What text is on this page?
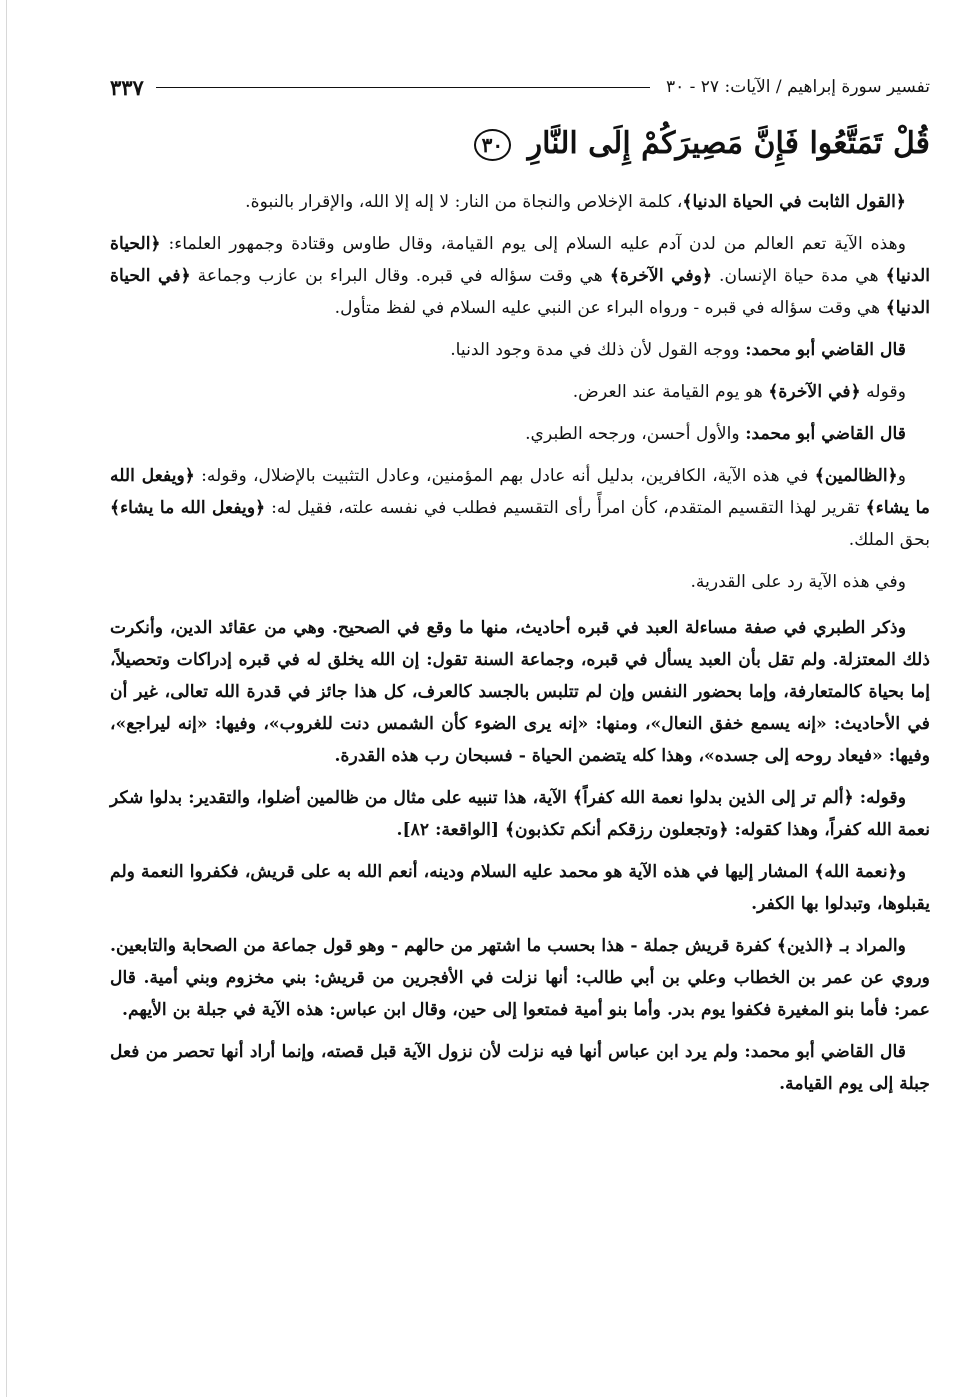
تفسير سورة إبراهيم / الآيات: ٢٧ - ٣٠
٣٣٧
قُلْ تَمَتَّعُوا فَإِنَّ مَصِيرَكُمْ إِلَى النَّارِ ٣٠

﴿القول الثابت في الحياة الدنيا﴾، كلمة الإخلاص والنجاة من النار: لا إله إلا الله، والإقرار بالنبوة.

وهذه الآية تعم العالم من لدن آدم عليه السلام إلى يوم القيامة، وقال طاوس وقتادة وجمهور العلماء: ﴿الحياة الدنيا﴾ هي مدة حياة الإنسان. ﴿وفي الآخرة﴾ هي وقت سؤاله في قبره. وقال البراء بن عازب وجماعة ﴿في الحياة الدنيا﴾ هي وقت سؤاله في قبره - ورواه البراء عن النبي عليه السلام في لفظ متأول.

قال القاضي أبو محمد: ووجه القول لأن ذلك في مدة وجود الدنيا.

وقوله ﴿في الآخرة﴾ هو يوم القيامة عند العرض.

قال القاضي أبو محمد: والأول أحسن، ورجحه الطبري.

و﴿الظالمين﴾ في هذه الآية، الكافرين، بدليل أنه عادل بهم المؤمنين، وعادل التثبيت بالإضلال، وقوله: ﴿ويفعل الله ما يشاء﴾ تقرير لهذا التقسيم المتقدم، كأن امرأً رأى التقسيم فطلب في نفسه علته، فقيل له: ﴿ويفعل الله ما يشاء﴾ بحق الملك.

وفي هذه الآية رد على القدرية.

وذكر الطبري في صفة مساءلة العبد في قبره أحاديث، منها ما وقع في الصحيح. وهي من عقائد الدين، وأنكرت ذلك المعتزلة. ولم تقل بأن العبد يسأل في قبره، وجماعة السنة تقول: إن الله يخلق له في قبره إدراكات وتحصيلاً، إما بحياة كالمتعارفة، وإما بحضور النفس وإن لم تتلبس بالجسد كالعرف، كل هذا جائز في قدرة الله تعالى، غير أن في الأحاديث: «إنه يسمع خفق النعال»، ومنها: «إنه يرى الضوء كأن الشمس دنت للغروب»، وفيها: «إنه ليراجع»، وفيها: «فيعاد روحه إلى جسده»، وهذا كله يتضمن الحياة - فسبحان رب هذه القدرة.

وقوله: ﴿ألم تر إلى الذين بدلوا نعمة الله كفراً﴾ الآية، هذا تنبيه على مثال من ظالمين أضلوا، والتقدير: بدلوا شكر نعمة الله كفراً، وهذا كقوله: ﴿وتجعلون رزقكم أنكم تكذبون﴾ [الواقعة: ٨٢].

و﴿نعمة الله﴾ المشار إليها في هذه الآية هو محمد عليه السلام ودينه، أنعم الله به على قريش، فكفروا النعمة ولم يقبلوها، وتبدلوا بها الكفر.

والمراد بـ ﴿الذين﴾ كفرة قريش جملة - هذا بحسب ما اشتهر من حالهم - وهو قول جماعة من الصحابة والتابعين. وروي عن عمر بن الخطاب وعلي بن أبي طالب: أنها نزلت في الأفجرين من قريش: بني مخزوم وبني أمية. قال عمر: فأما بنو المغيرة فكفوا يوم بدر. وأما بنو أمية فمتعوا إلى حين، وقال ابن عباس: هذه الآية في جبلة بن الأيهم.

قال القاضي أبو محمد: ولم يرد ابن عباس أنها فيه نزلت لأن نزول الآية قبل قصته، وإنما أراد أنها تحصر من فعل جبلة إلى يوم القيامة.
